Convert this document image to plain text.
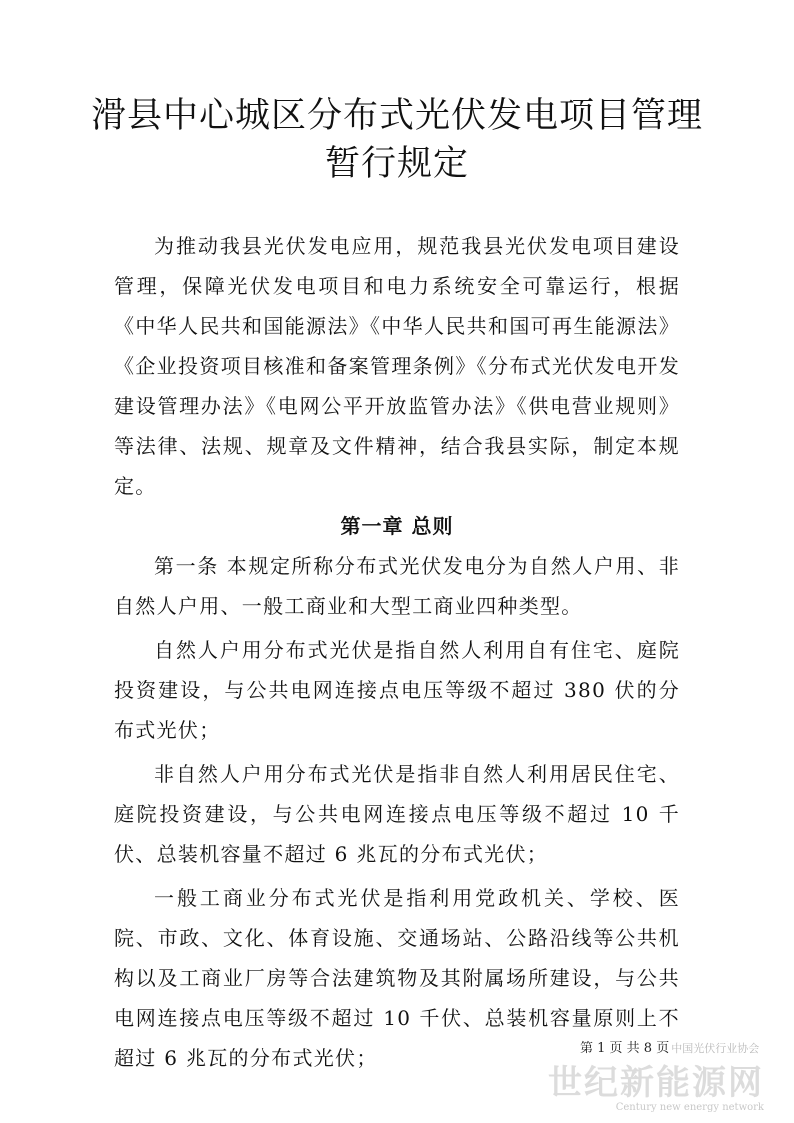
滑县中心城区分布式光伏发电项目管理
暂行规定

为推动我县光伏发电应用，规范我县光伏发电项目建设管理，保障光伏发电项目和电力系统安全可靠运行，根据《中华人民共和国能源法》《中华人民共和国可再生能源法》《企业投资项目核准和备案管理条例》《分布式光伏发电开发建设管理办法》《电网公平开放监管办法》《供电营业规则》等法律、法规、规章及文件精神，结合我县实际，制定本规定。

第一章 总则

第一条 本规定所称分布式光伏发电分为自然人户用、非自然人户用、一般工商业和大型工商业四种类型。

自然人户用分布式光伏是指自然人利用自有住宅、庭院投资建设，与公共电网连接点电压等级不超过 380 伏的分布式光伏；

非自然人户用分布式光伏是指非自然人利用居民住宅、庭院投资建设，与公共电网连接点电压等级不超过 10 千伏、总装机容量不超过 6 兆瓦的分布式光伏；

一般工商业分布式光伏是指利用党政机关、学校、医院、市政、文化、体育设施、交通场站、公路沿线等公共机构以及工商业厂房等合法建筑物及其附属场所建设，与公共电网连接点电压等级不超过 10 千伏、总装机容量原则上不超过 6 兆瓦的分布式光伏；	第 1 页 共 8 页 中国光伏行业协会
世纪新能源网
Century new energy network
